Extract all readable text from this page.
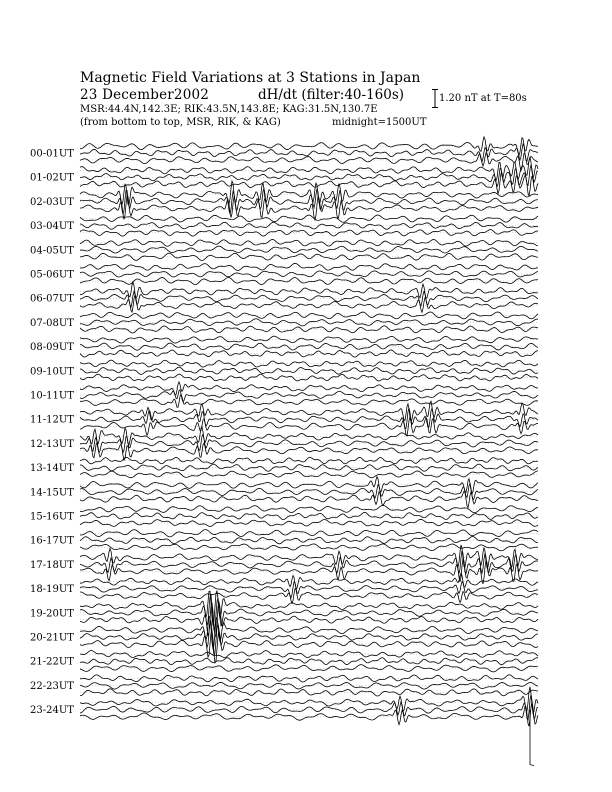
Magnetic Field Variations at 3 Stations in Japan
23 December2002	dH/dt (filter:40-160s)
MSR:44.4N,142.3E; RIK:43.5N,143.8E; KAG:31.5N,130.7E
(from bottom to top, MSR, RIK, & KAG)	midnight=1500UT
1.20 nT at T=80s
00-01UT
01-02UT
02-03UT
03-04UT
04-05UT
05-06UT
06-07UT
07-08UT
08-09UT
09-10UT
10-11UT
11-12UT
12-13UT
13-14UT
14-15UT
15-16UT
16-17UT
17-18UT
18-19UT
19-20UT
20-21UT
21-22UT
22-23UT
23-24UT
